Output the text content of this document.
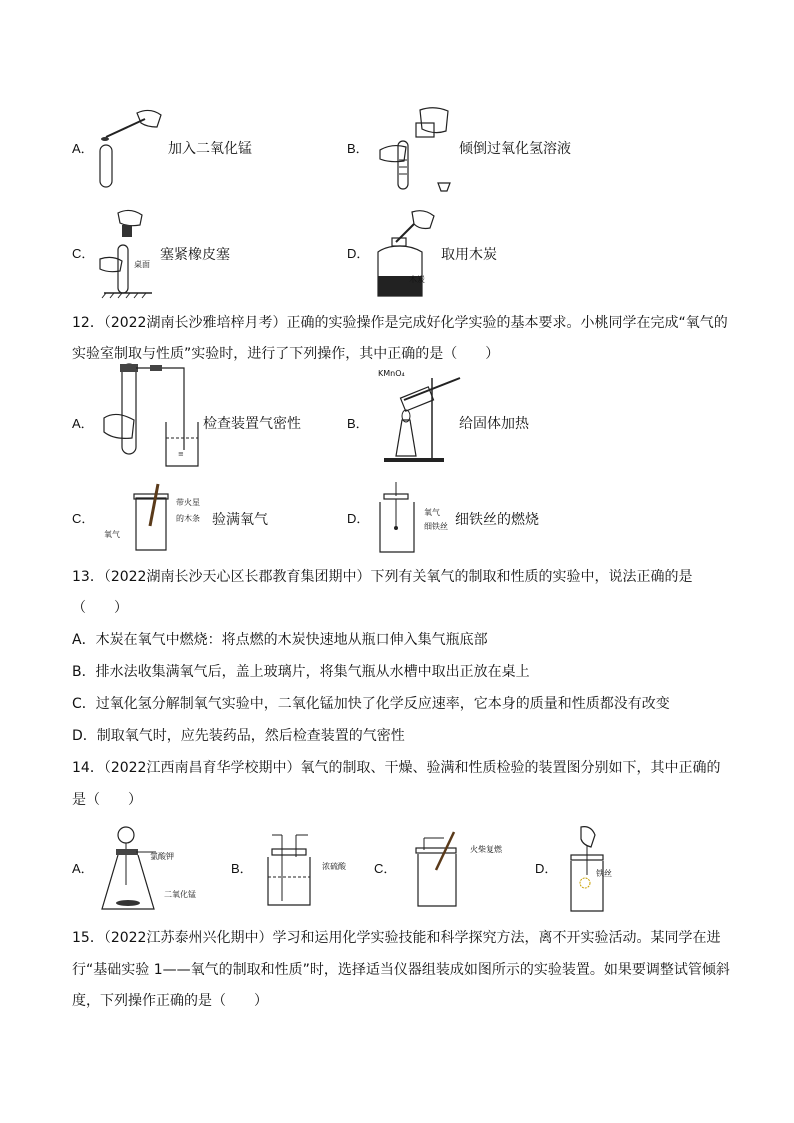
A．	加入二氧化锰	B．	倾倒过氧化氢溶液
C．
桌面
塞紧橡皮塞	D．
木炭
取用木炭
12．（2022湖南长沙雅培梓月考）正确的实验操作是完成好化学实验的基本要求。小桃同学在完成“氧气的
实验室制取与性质”实验时，进行了下列操作，其中正确的是（　　）
A．
≡
检查装置气密性	B．
KMnO₄
给固体加热
C．
带火星
的木条
氧气
验满氧气	D．	氧气
细铁丝 细铁丝的燃烧
13．（2022湖南长沙天心区长郡教育集团期中）下列有关氧气的制取和性质的实验中，说法正确的是
（　　）
A．木炭在氧气中燃烧：将点燃的木炭快速地从瓶口伸入集气瓶底部
B．排水法收集满氧气后，盖上玻璃片，将集气瓶从水槽中取出正放在桌上
C．过氧化氢分解制氧气实验中，二氧化锰加快了化学反应速率，它本身的质量和性质都没有改变
D．制取氧气时，应先装药品，然后检查装置的气密性
14．（2022江西南昌育华学校期中）氧气的制取、干燥、验满和性质检验的装置图分别如下，其中正确的
是（　　）
A．
氯酸钾
二氧化锰
B．	浓硫酸 C．
火柴复燃
D．	铁丝
15．（2022江苏泰州兴化期中）学习和运用化学实验技能和科学探究方法，离不开实验活动。某同学在进
行“基础实验 1——氧气的制取和性质”时，选择适当仪器组装成如图所示的实验装置。如果要调整试管倾斜
度，下列操作正确的是（　　）
